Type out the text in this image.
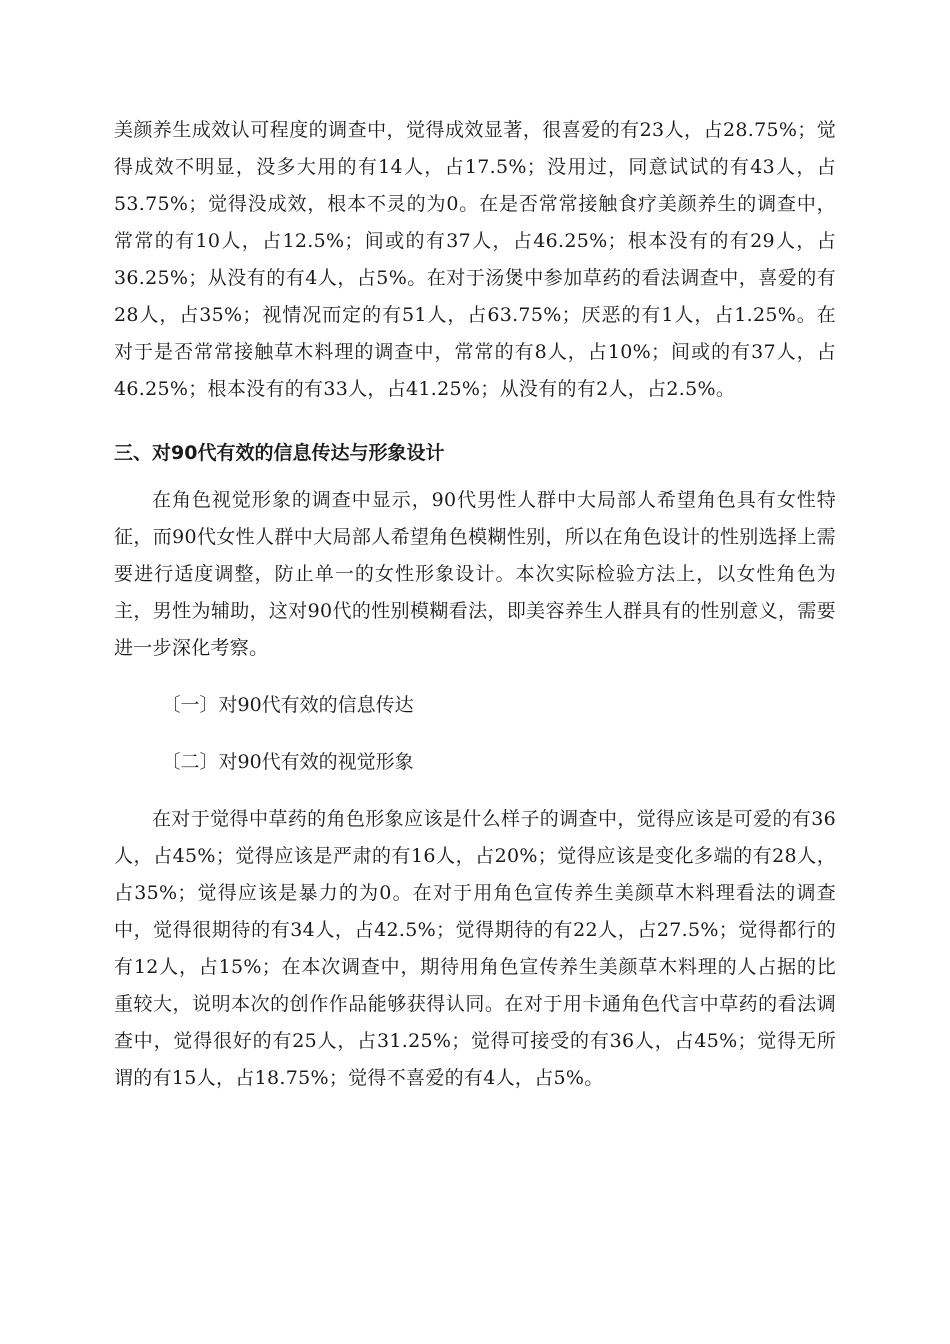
美颜养生成效认可程度的调查中，觉得成效显著，很喜爱的有23人，占28.75%；觉得成效不明显，没多大用的有14人，占17.5%；没用过，同意试试的有43人，占53.75%；觉得没成效，根本不灵的为0。在是否常常接触食疗美颜养生的调查中，常常的有10人，占12.5%；间或的有37人，占46.25%；根本没有的有29人，占36.25%；从没有的有4人，占5%。在对于汤煲中参加草药的看法调查中，喜爱的有28人，占35%；视情况而定的有51人，占63.75%；厌恶的有1人，占1.25%。在对于是否常常接触草木料理的调查中，常常的有8人，占10%；间或的有37人，占46.25%；根本没有的有33人，占41.25%；从没有的有2人，占2.5%。

三、对90代有效的信息传达与形象设计

在角色视觉形象的调查中显示，90代男性人群中大局部人希望角色具有女性特征，而90代女性人群中大局部人希望角色模糊性别，所以在角色设计的性别选择上需要进行适度调整，防止单一的女性形象设计。本次实际检验方法上，以女性角色为主，男性为辅助，这对90代的性别模糊看法，即美容养生人群具有的性别意义，需要进一步深化考察。

〔一〕对90代有效的信息传达

〔二〕对90代有效的视觉形象

在对于觉得中草药的角色形象应该是什么样子的调查中，觉得应该是可爱的有36人，占45%；觉得应该是严肃的有16人，占20%；觉得应该是变化多端的有28人，占35%；觉得应该是暴力的为0。在对于用角色宣传养生美颜草木料理看法的调查中，觉得很期待的有34人，占42.5%；觉得期待的有22人，占27.5%；觉得都行的有12人，占15%；在本次调查中，期待用角色宣传养生美颜草木料理的人占据的比重较大，说明本次的创作作品能够获得认同。在对于用卡通角色代言中草药的看法调查中，觉得很好的有25人，占31.25%；觉得可接受的有36人，占45%；觉得无所谓的有15人，占18.75%；觉得不喜爱的有4人，占5%。
